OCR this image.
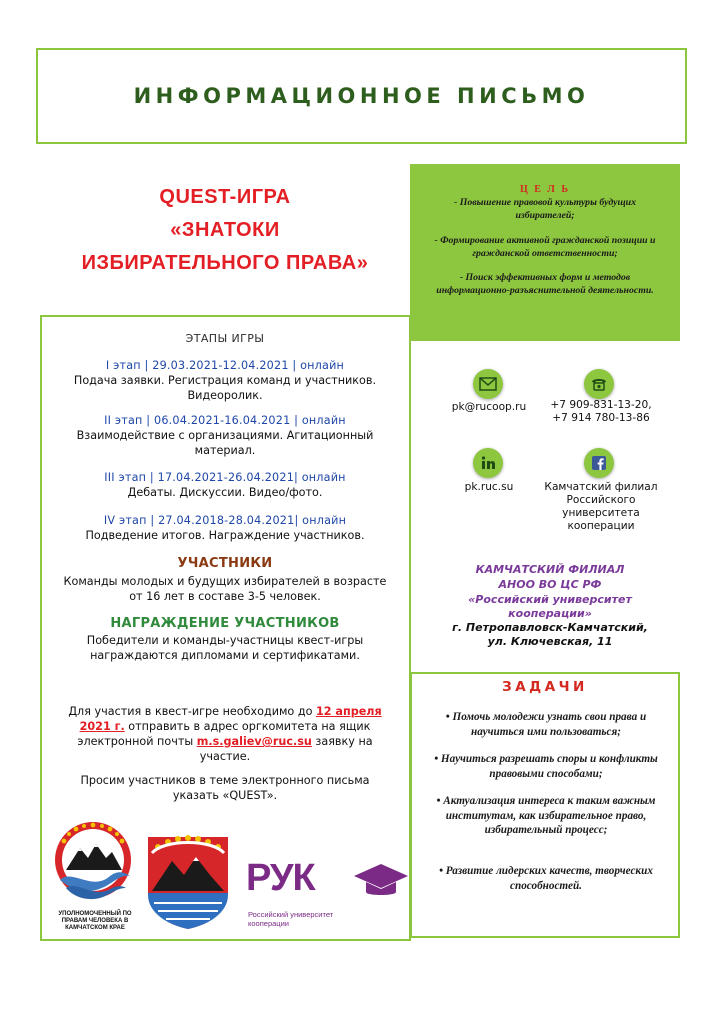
ИНФОРМАЦИОННОЕ ПИСЬМО
QUEST-ИГРА
«ЗНАТОКИ
ИЗБИРАТЕЛЬНОГО ПРАВА»
Ц Е Л Ь
- Повышение правовой культуры будущих избирателей;
- Формирование активной гражданской позиции и гражданской ответственности;
- Поиск эффективных форм и методов информационно-разъяснительной деятельности.
ЭТАПЫ ИГРЫ
I этап | 29.03.2021-12.04.2021 | онлайн
Подача заявки. Регистрация команд и участников. Видеоролик.
II этап | 06.04.2021-16.04.2021 | онлайн
Взаимодействие с организациями. Агитационный материал.
III этап | 17.04.2021-26.04.2021| онлайн
Дебаты. Дискуссии. Видео/фото.
IV этап | 27.04.2018-28.04.2021| онлайн
Подведение итогов. Награждение участников.
УЧАСТНИКИ
Команды молодых и будущих избирателей в возрасте от 16 лет в составе 3-5 человек.
НАГРАЖДЕНИЕ УЧАСТНИКОВ
Победители и команды-участницы квест-игры награждаются дипломами и сертификатами.
Для участия в квест-игре необходимо до 12 апреля 2021 г. отправить в адрес оргкомитета на ящик электронной почты m.s.galiev@ruc.su заявку на участие.
Просим участников в теме электронного письма указать «QUEST».
УПОЛНОМОЧЕННЫЙ ПО ПРАВАМ ЧЕЛОВЕКА В КАМЧАТСКОМ КРАЕ
РУК
Российский университет кооперации
pk@rucoop.ru	+7 909-831-13-20, +7 914 780-13-86
pk.ruc.su	Камчатский филиал Российского университета кооперации
КАМЧАТСКИЙ ФИЛИАЛ
АНОО ВО ЦС РФ
«Российский университет
кооперации»
г. Петропавловск-Камчатский,
ул. Ключевская, 11
ЗАДАЧИ
• Помочь молодежи узнать свои права и научиться ими пользоваться;
• Научиться разрешать споры и конфликты правовыми способами;
• Актуализация интереса к таким важным институтам, как избирательное право, избирательный процесс;
• Развитие лидерских качеств, творческих способностей.
